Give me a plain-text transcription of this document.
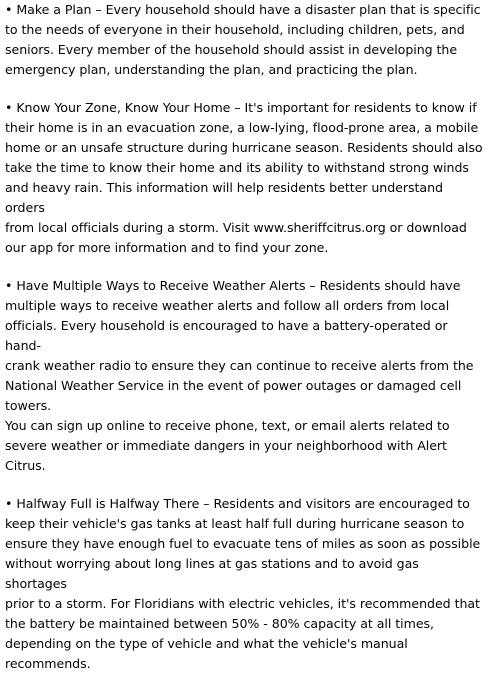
• Make a Plan – Every household should have a disaster plan that is specific
to the needs of everyone in their household, including children, pets, and
seniors. Every member of the household should assist in developing the
emergency plan, understanding the plan, and practicing the plan.

• Know Your Zone, Know Your Home – It's important for residents to know if
their home is in an evacuation zone, a low-lying, flood-prone area, a mobile
home or an unsafe structure during hurricane season. Residents should also
take the time to know their home and its ability to withstand strong winds
and heavy rain. This information will help residents better understand orders
from local officials during a storm. Visit www.sheriffcitrus.org or download
our app for more information and to find your zone.

• Have Multiple Ways to Receive Weather Alerts – Residents should have
multiple ways to receive weather alerts and follow all orders from local
officials. Every household is encouraged to have a battery-operated or hand-
crank weather radio to ensure they can continue to receive alerts from the
National Weather Service in the event of power outages or damaged cell
towers.
You can sign up online to receive phone, text, or email alerts related to
severe weather or immediate dangers in your neighborhood with Alert Citrus.

• Halfway Full is Halfway There – Residents and visitors are encouraged to
keep their vehicle's gas tanks at least half full during hurricane season to
ensure they have enough fuel to evacuate tens of miles as soon as possible
without worrying about long lines at gas stations and to avoid gas shortages
prior to a storm. For Floridians with electric vehicles, it's recommended that
the battery be maintained between 50% - 80% capacity at all times,
depending on the type of vehicle and what the vehicle's manual
recommends.
